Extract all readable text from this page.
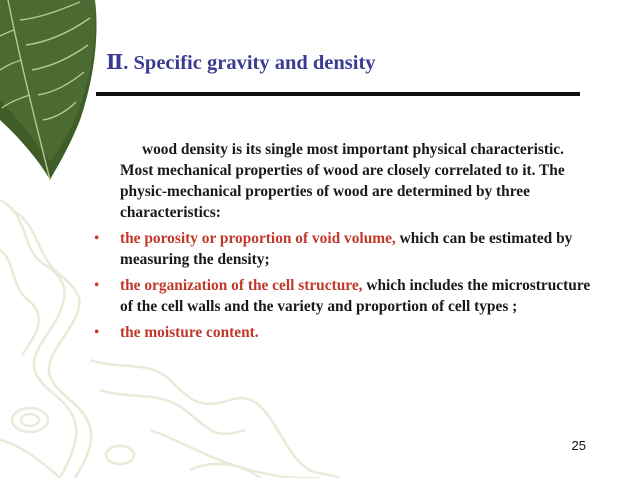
Ⅱ. Specific gravity and density

wood density is its single most important physical characteristic. Most mechanical properties of wood are closely correlated to it. The physic-mechanical properties of wood are determined by three characteristics:

• the porosity or proportion of void volume, which can be estimated by measuring the density;
• the organization of the cell structure, which includes the microstructure of the cell walls and the variety and proportion of cell types ;
• the moisture content.
25
